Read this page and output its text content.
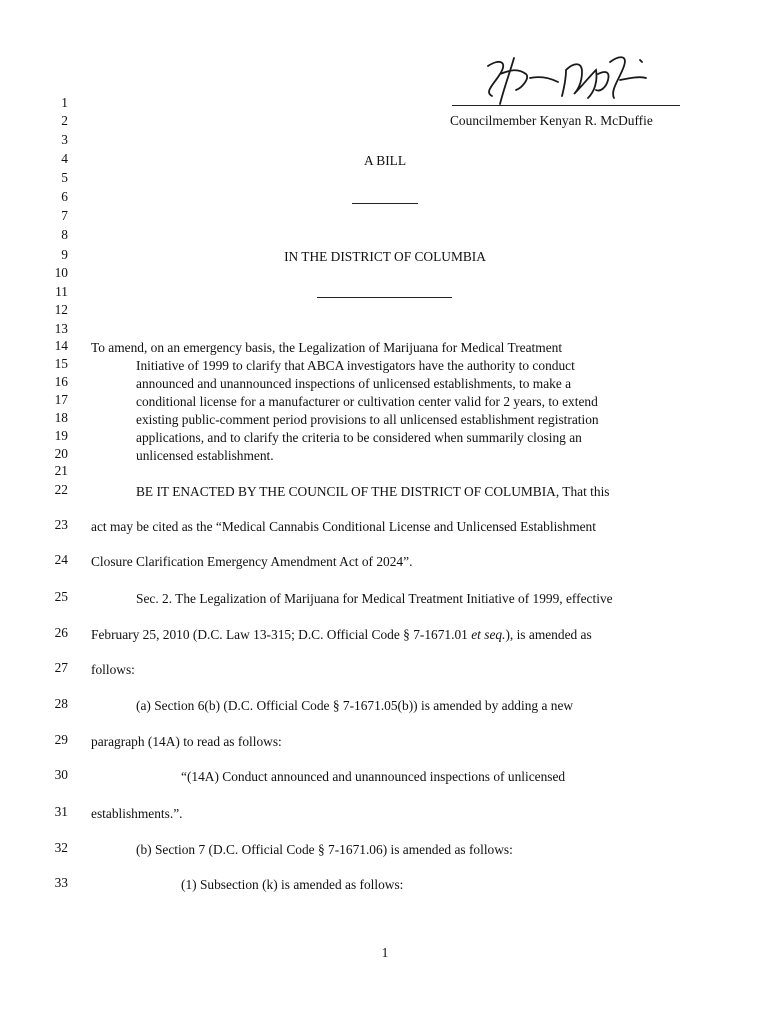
1
2
3
4
5
6
7
8
9
10
11
12
13
14
15
16
17
18
19
20
21
22
23
24
25
26
27
28
29
30
31
32
33
Councilmember Kenyan R. McDuffie
A BILL
IN THE DISTRICT OF COLUMBIA
To amend, on an emergency basis, the Legalization of Marijuana for Medical Treatment
Initiative of 1999 to clarify that ABCA investigators have the authority to conduct
announced and unannounced inspections of unlicensed establishments, to make a
conditional license for a manufacturer or cultivation center valid for 2 years, to extend
existing public-comment period provisions to all unlicensed establishment registration
applications, and to clarify the criteria to be considered when summarily closing an
unlicensed establishment.
BE IT ENACTED BY THE COUNCIL OF THE DISTRICT OF COLUMBIA, That this
act may be cited as the “Medical Cannabis Conditional License and Unlicensed Establishment
Closure Clarification Emergency Amendment Act of 2024”.
Sec. 2. The Legalization of Marijuana for Medical Treatment Initiative of 1999, effective
February 25, 2010 (D.C. Law 13-315; D.C. Official Code § 7-1671.01 et seq.), is amended as
follows:
(a) Section 6(b) (D.C. Official Code § 7-1671.05(b)) is amended by adding a new
paragraph (14A) to read as follows:
“(14A) Conduct announced and unannounced inspections of unlicensed
establishments.”.
(b) Section 7 (D.C. Official Code § 7-1671.06) is amended as follows:
(1) Subsection (k) is amended as follows:
1
